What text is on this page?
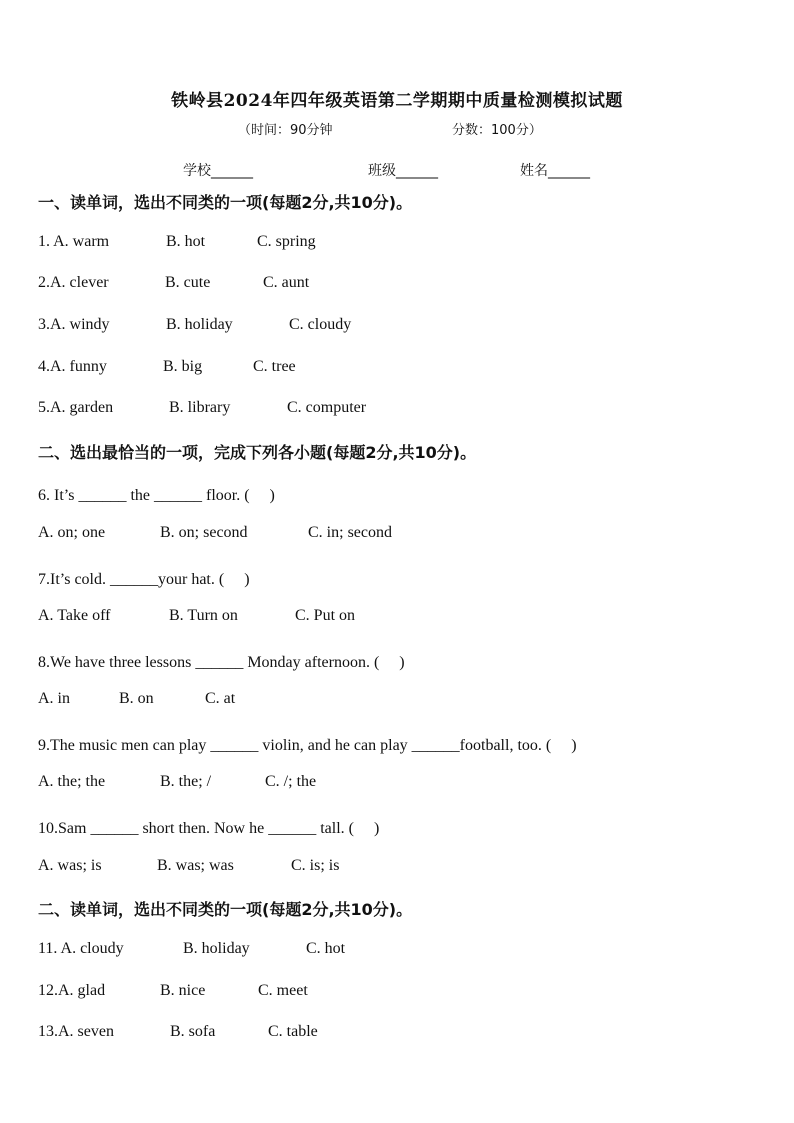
铁岭县2024年四年级英语第二学期期中质量检测模拟试题
（时间：90分钟	分数：100分）
学校______	班级______	姓名______
一、读单词，选出不同类的一项(每题2分,共10分)。
1. A. warm	B. hot	C. spring
2.A. clever	B. cute	C. aunt
3.A. windy	B. holiday	C. cloudy
4.A. funny	B. big	C. tree
5.A. garden	B. library	C. computer
二、选出最恰当的一项，完成下列各小题(每题2分,共10分)。
6. It’s ______ the ______ floor. (　 )
A. on; one	B. on; second	C. in; second
7.It’s cold. ______your hat. (　 )
A. Take off	B. Turn on	C. Put on
8.We have three lessons ______ Monday afternoon. (　 )
A. in	B. on	C. at
9.The music men can play ______ violin, and he can play ______football, too. (　 )
A. the; the	B. the; /	C. /; the
10.Sam ______ short then. Now he ______ tall. (　 )
A. was; is	B. was; was	C. is; is
二、读单词，选出不同类的一项(每题2分,共10分)。
11. A. cloudy	B. holiday	C. hot
12.A. glad	B. nice	C. meet
13.A. seven	B. sofa	C. table
